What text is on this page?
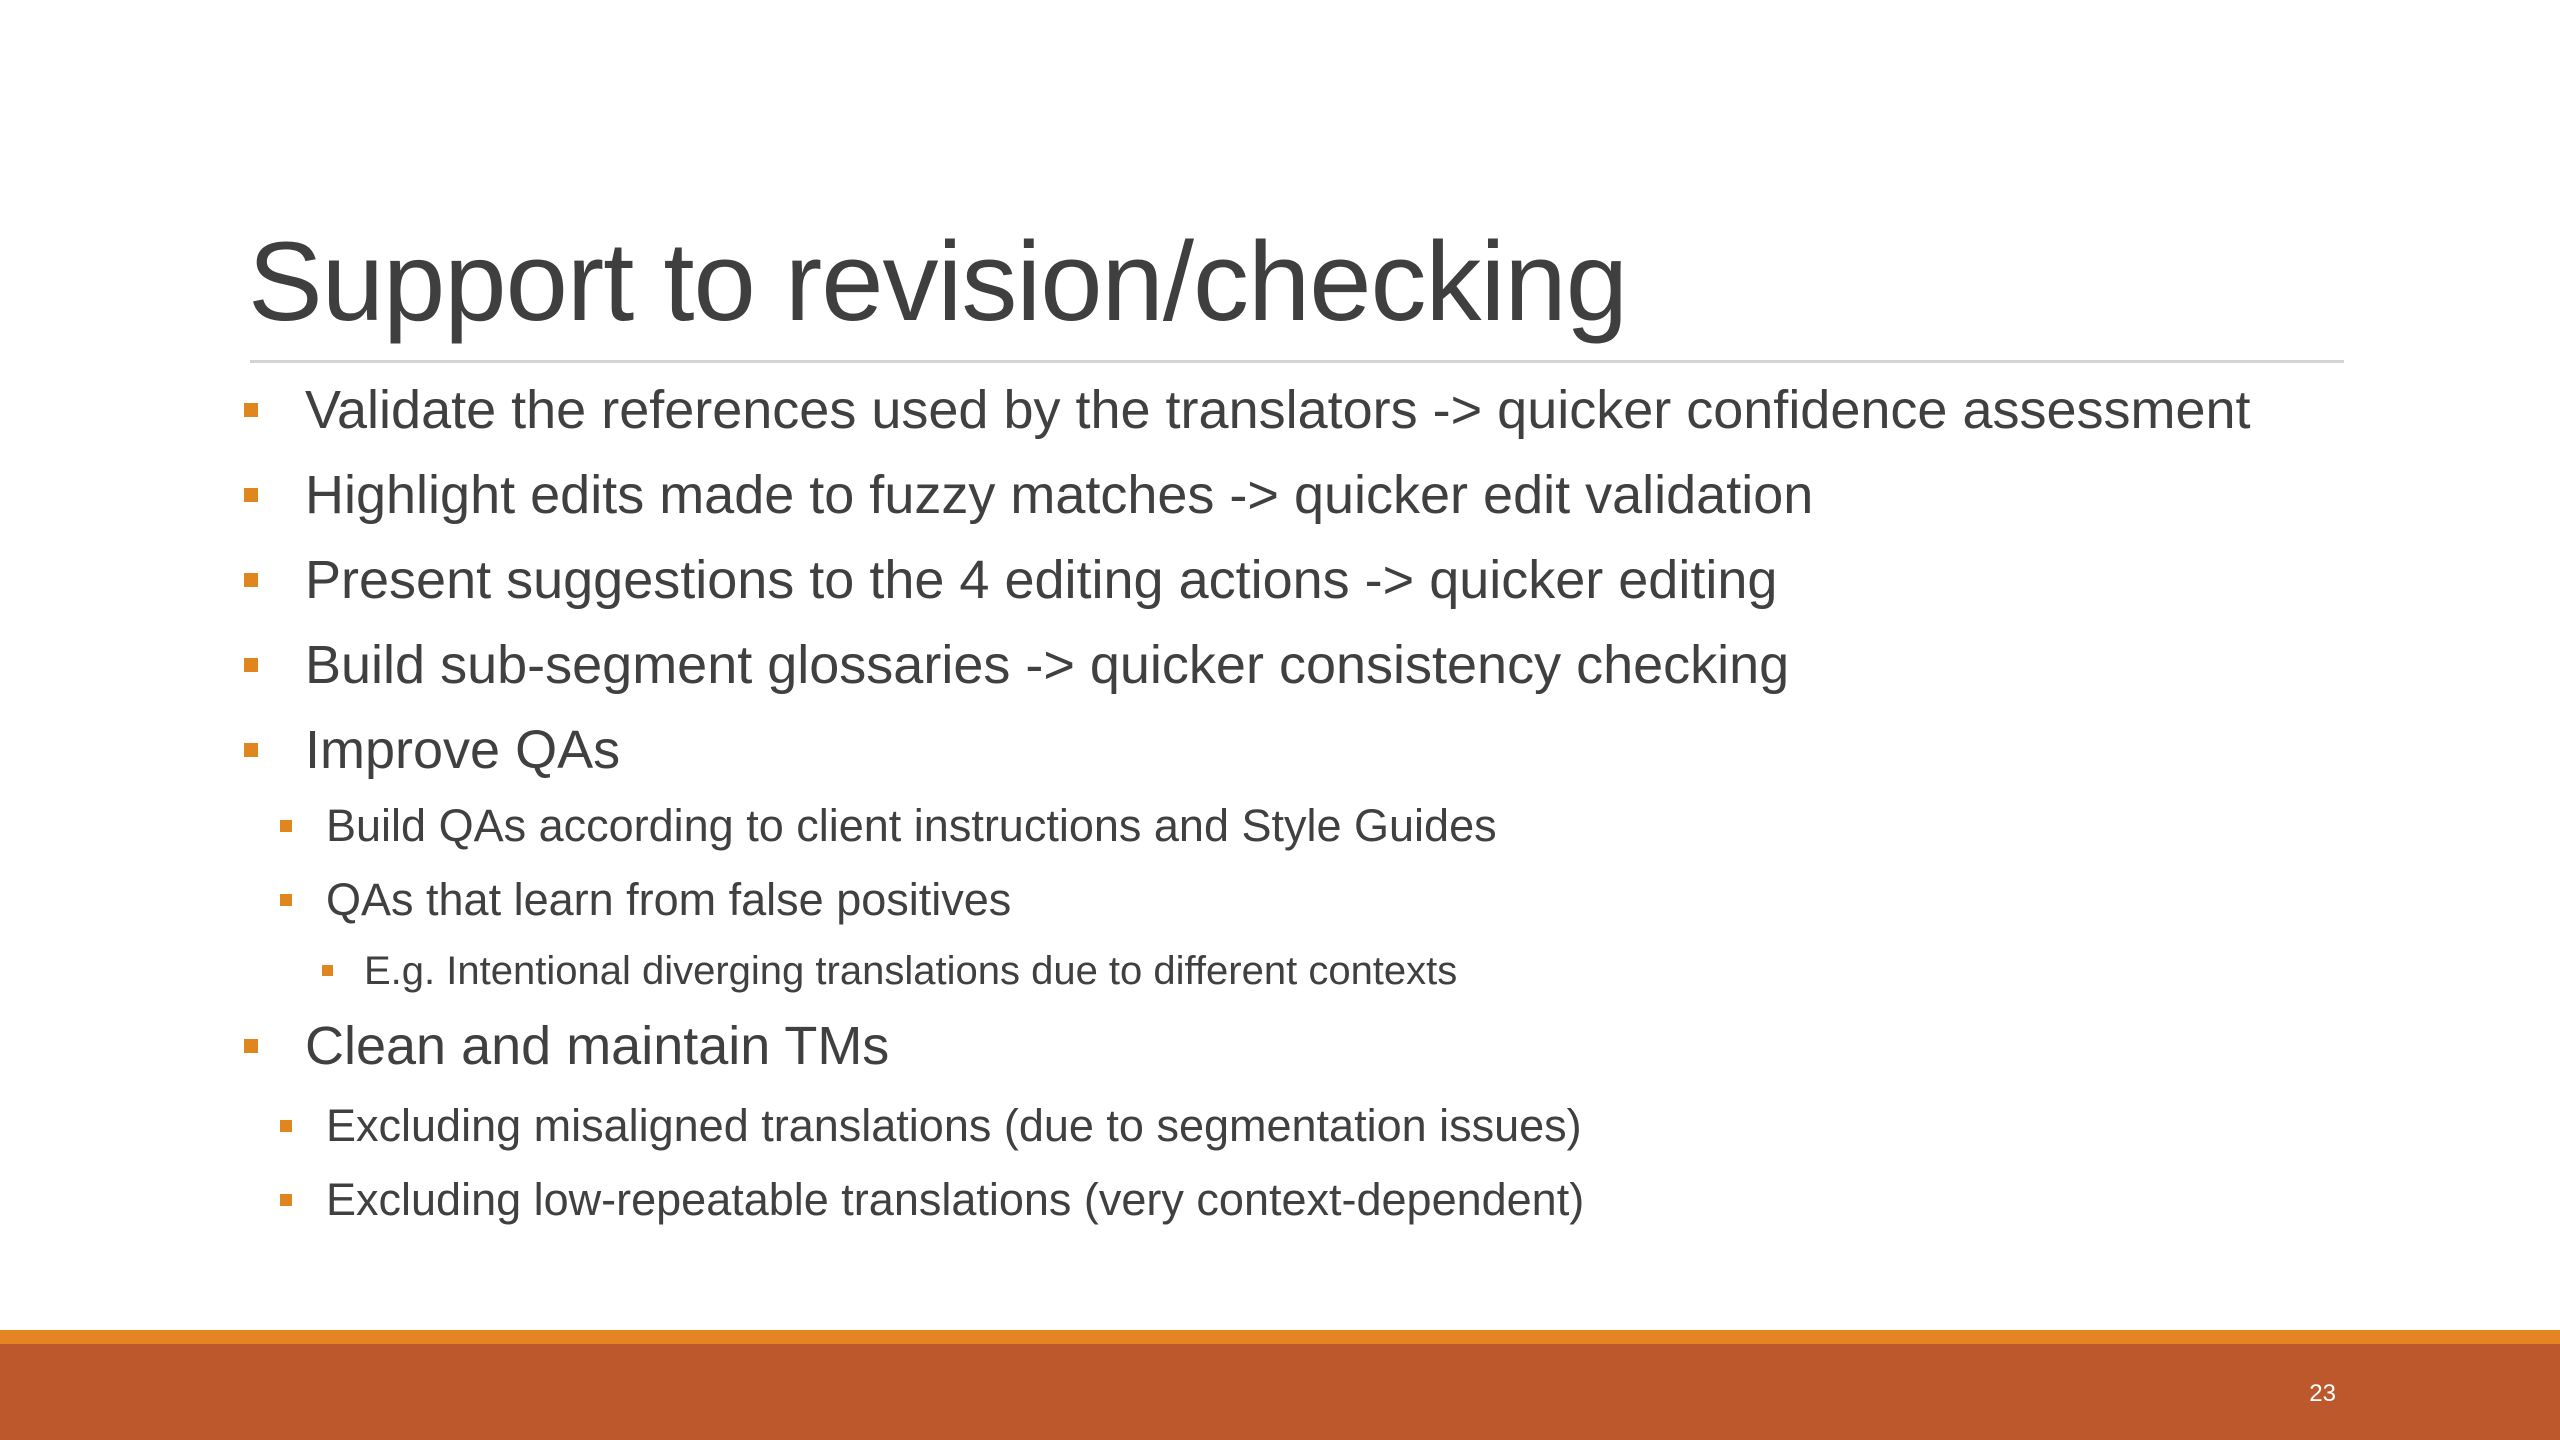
Support to revision/checking
Validate the references used by the translators -> quicker confidence assessment
Highlight edits made to fuzzy matches -> quicker edit validation
Present suggestions to the 4 editing actions -> quicker editing
Build sub-segment glossaries -> quicker consistency checking
Improve QAs
Build QAs according to client instructions and Style Guides
QAs that learn from false positives
E.g. Intentional diverging translations due to different contexts
Clean and maintain TMs
Excluding misaligned translations (due to segmentation issues)
Excluding low-repeatable translations (very context-dependent)
23
